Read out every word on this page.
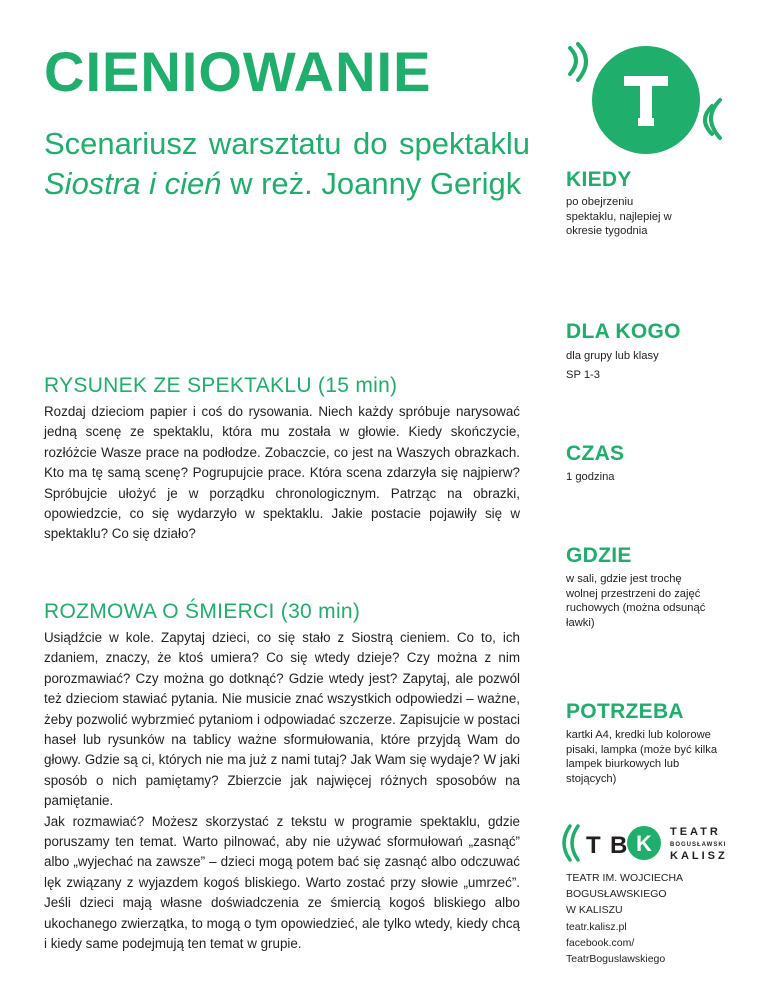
CIENIOWANIE
Scenariusz warsztatu do spektaklu Siostra i cień w reż. Joanny Gerigk
RYSUNEK ZE SPEKTAKLU (15 min)

Rozdaj dzieciom papier i coś do rysowania. Niech każdy spróbuje narysować jedną scenę ze spektaklu, która mu została w głowie. Kiedy skończycie, rozłóżcie Wasze prace na podłodze. Zobaczcie, co jest na Waszych obrazkach. Kto ma tę samą scenę? Pogrupujcie prace. Która scena zdarzyła się najpierw? Spróbujcie ułożyć je w porządku chronologicznym. Patrząc na obrazki, opowiedzcie, co się wydarzyło w spektaklu. Jakie postacie pojawiły się w spektaklu? Co się działo?

ROZMOWA O ŚMIERCI (30 min)

Usiądźcie w kole. Zapytaj dzieci, co się stało z Siostrą cieniem. Co to, ich zdaniem, znaczy, że ktoś umiera? Co się wtedy dzieje? Czy można z nim porozmawiać? Czy można go dotknąć? Gdzie wtedy jest? Zapytaj, ale pozwól też dzieciom stawiać pytania. Nie musicie znać wszystkich odpowiedzi – ważne, żeby pozwolić wybrzmieć pytaniom i odpowiadać szczerze. Zapisujcie w postaci haseł lub rysunków na tablicy ważne sformułowania, które przyjdą Wam do głowy. Gdzie są ci, których nie ma już z nami tutaj? Jak Wam się wydaje? W jaki sposób o nich pamiętamy? Zbierzcie jak najwięcej różnych sposobów na pamiętanie.

Jak rozmawiać? Możesz skorzystać z tekstu w programie spektaklu, gdzie poruszamy ten temat. Warto pilnować, aby nie używać sformułowań „zasnąć” albo „wyjechać na zawsze” – dzieci mogą potem bać się zasnąć albo odczuwać lęk związany z wyjazdem kogoś bliskiego. Warto zostać przy słowie „umrzeć”. Jeśli dzieci mają własne doświadczenia ze śmiercią kogoś bliskiego albo ukochanego zwierzątka, to mogą o tym opowiedzieć, ale tylko wtedy, kiedy chcą i kiedy same podejmują ten temat w grupie.

KIEDY
po obejrzeniu spektaklu, najlepiej w okresie tygodnia
DLA KOGO
dla grupy lub klasy SP 1-3
CZAS
1 godzina
GDZIE
w sali, gdzie jest trochę wolnej przestrzeni do zajęć ruchowych (można odsunąć ławki)
POTRZEBA
kartki A4, kredki lub kolorowe pisaki, lampka (może być kilka lampek biurkowych lub stojących)
T B K TEATR
BOGUSŁAWSKI
KALISZ
TEATR IM. WOJCIECHA
BOGUSŁAWSKIEGO
W KALISZU
teatr.kalisz.pl
facebook.com/
TeatrBoguslawskiego
